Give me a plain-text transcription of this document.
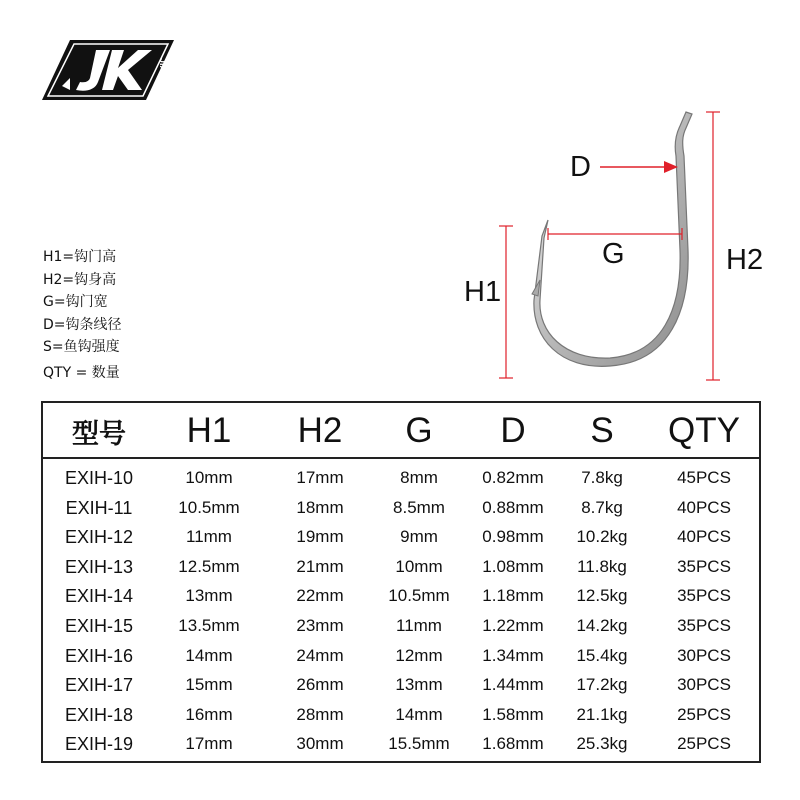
JIANKER
H1=钩门高
H2=钩身高
G=钩门宽
D=钩条线径
S=鱼钩强度
QTY = 数量
D
G
H1
H2
型号	H1	H2	G	D	S	QTY
EXIH-10	10mm	17mm	8mm	0.82mm	7.8kg	45PCS
EXIH-11	10.5mm	18mm	8.5mm	0.88mm	8.7kg	40PCS
EXIH-12	11mm	19mm	9mm	0.98mm	10.2kg	40PCS
EXIH-13	12.5mm	21mm	10mm	1.08mm	11.8kg	35PCS
EXIH-14	13mm	22mm	10.5mm	1.18mm	12.5kg	35PCS
EXIH-15	13.5mm	23mm	11mm	1.22mm	14.2kg	35PCS
EXIH-16	14mm	24mm	12mm	1.34mm	15.4kg	30PCS
EXIH-17	15mm	26mm	13mm	1.44mm	17.2kg	30PCS
EXIH-18	16mm	28mm	14mm	1.58mm	21.1kg	25PCS
EXIH-19	17mm	30mm	15.5mm	1.68mm	25.3kg	25PCS
